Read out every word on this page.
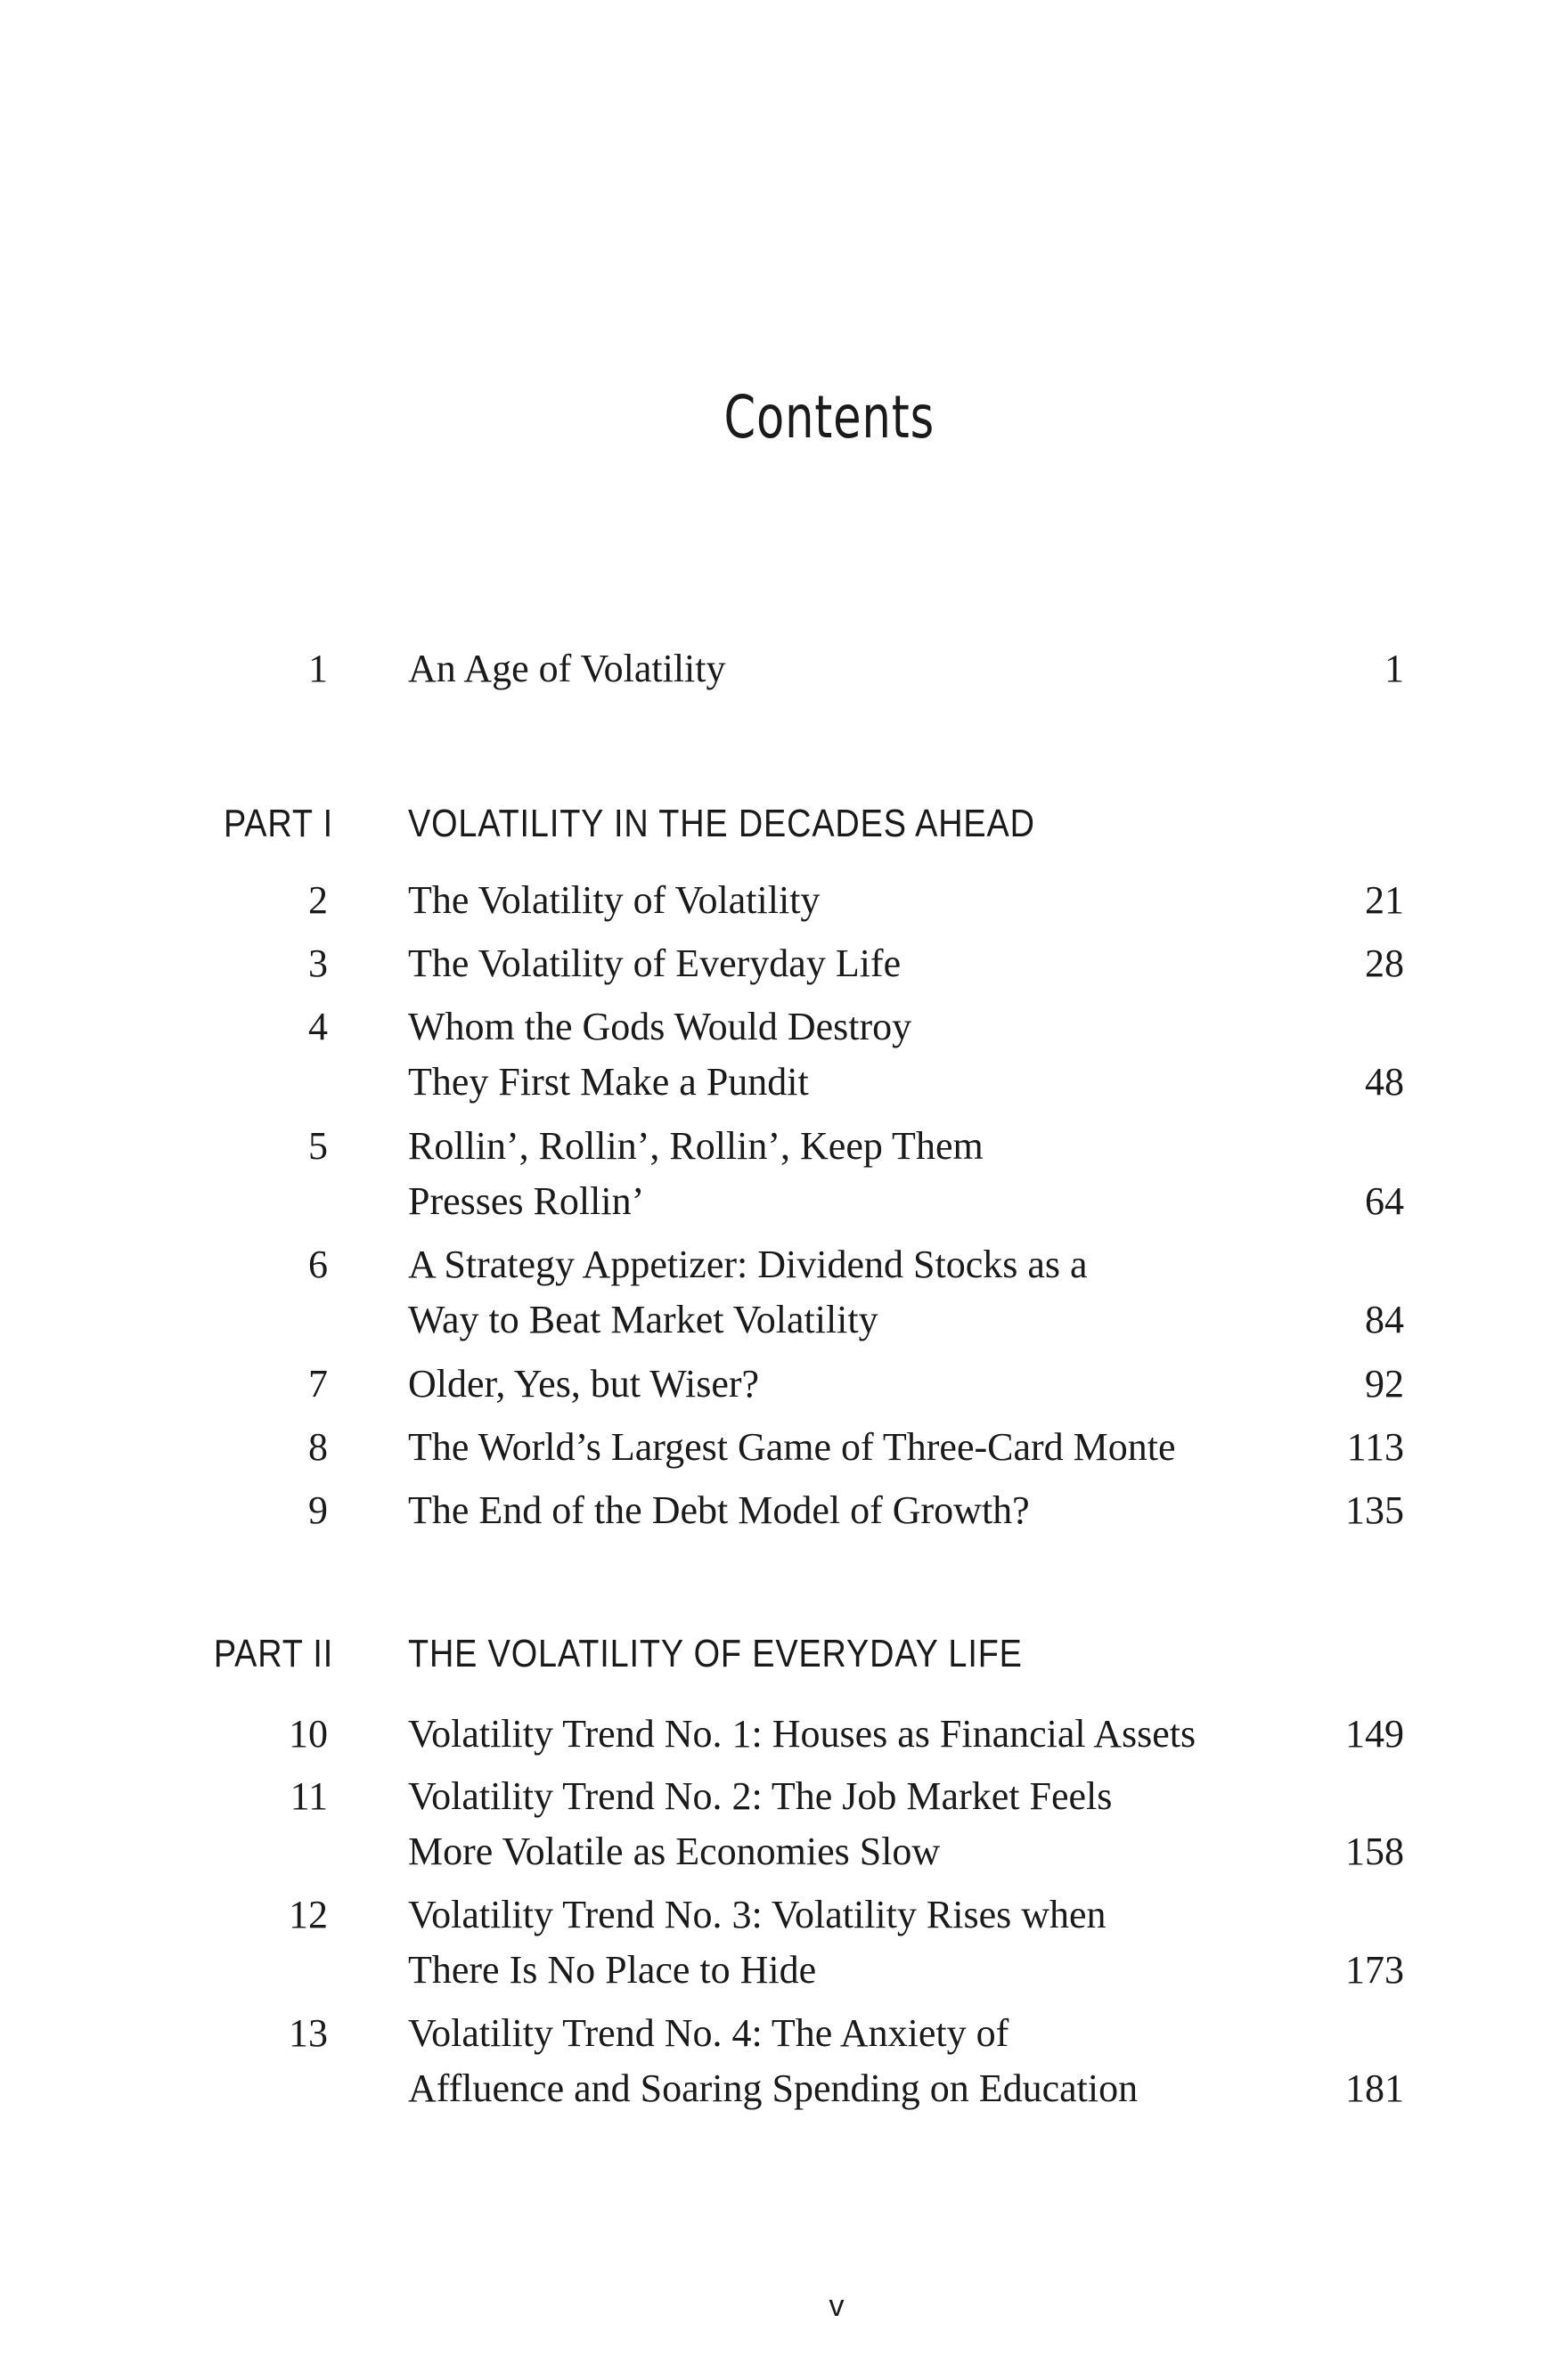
Contents
1 An Age of Volatility	1
PART I VOLATILITY IN THE DECADES AHEAD
2 The Volatility of Volatility	21
3 The Volatility of Everyday Life	28
4 Whom the Gods Would Destroy
They First Make a Pundit	48
5 Rollin’, Rollin’, Rollin’, Keep Them
Presses Rollin’	64
6 A Strategy Appetizer: Dividend Stocks as a
Way to Beat Market Volatility	84
7 Older, Yes, but Wiser?	92
8 The World’s Largest Game of Three-Card Monte	113
9 The End of the Debt Model of Growth?	135
PART II THE VOLATILITY OF EVERYDAY LIFE
10 Volatility Trend No. 1: Houses as Financial Assets	149
11 Volatility Trend No. 2: The Job Market Feels
More Volatile as Economies Slow	158
12 Volatility Trend No. 3: Volatility Rises when
There Is No Place to Hide	173
13 Volatility Trend No. 4: The Anxiety of
Affluence and Soaring Spending on Education	181
v
